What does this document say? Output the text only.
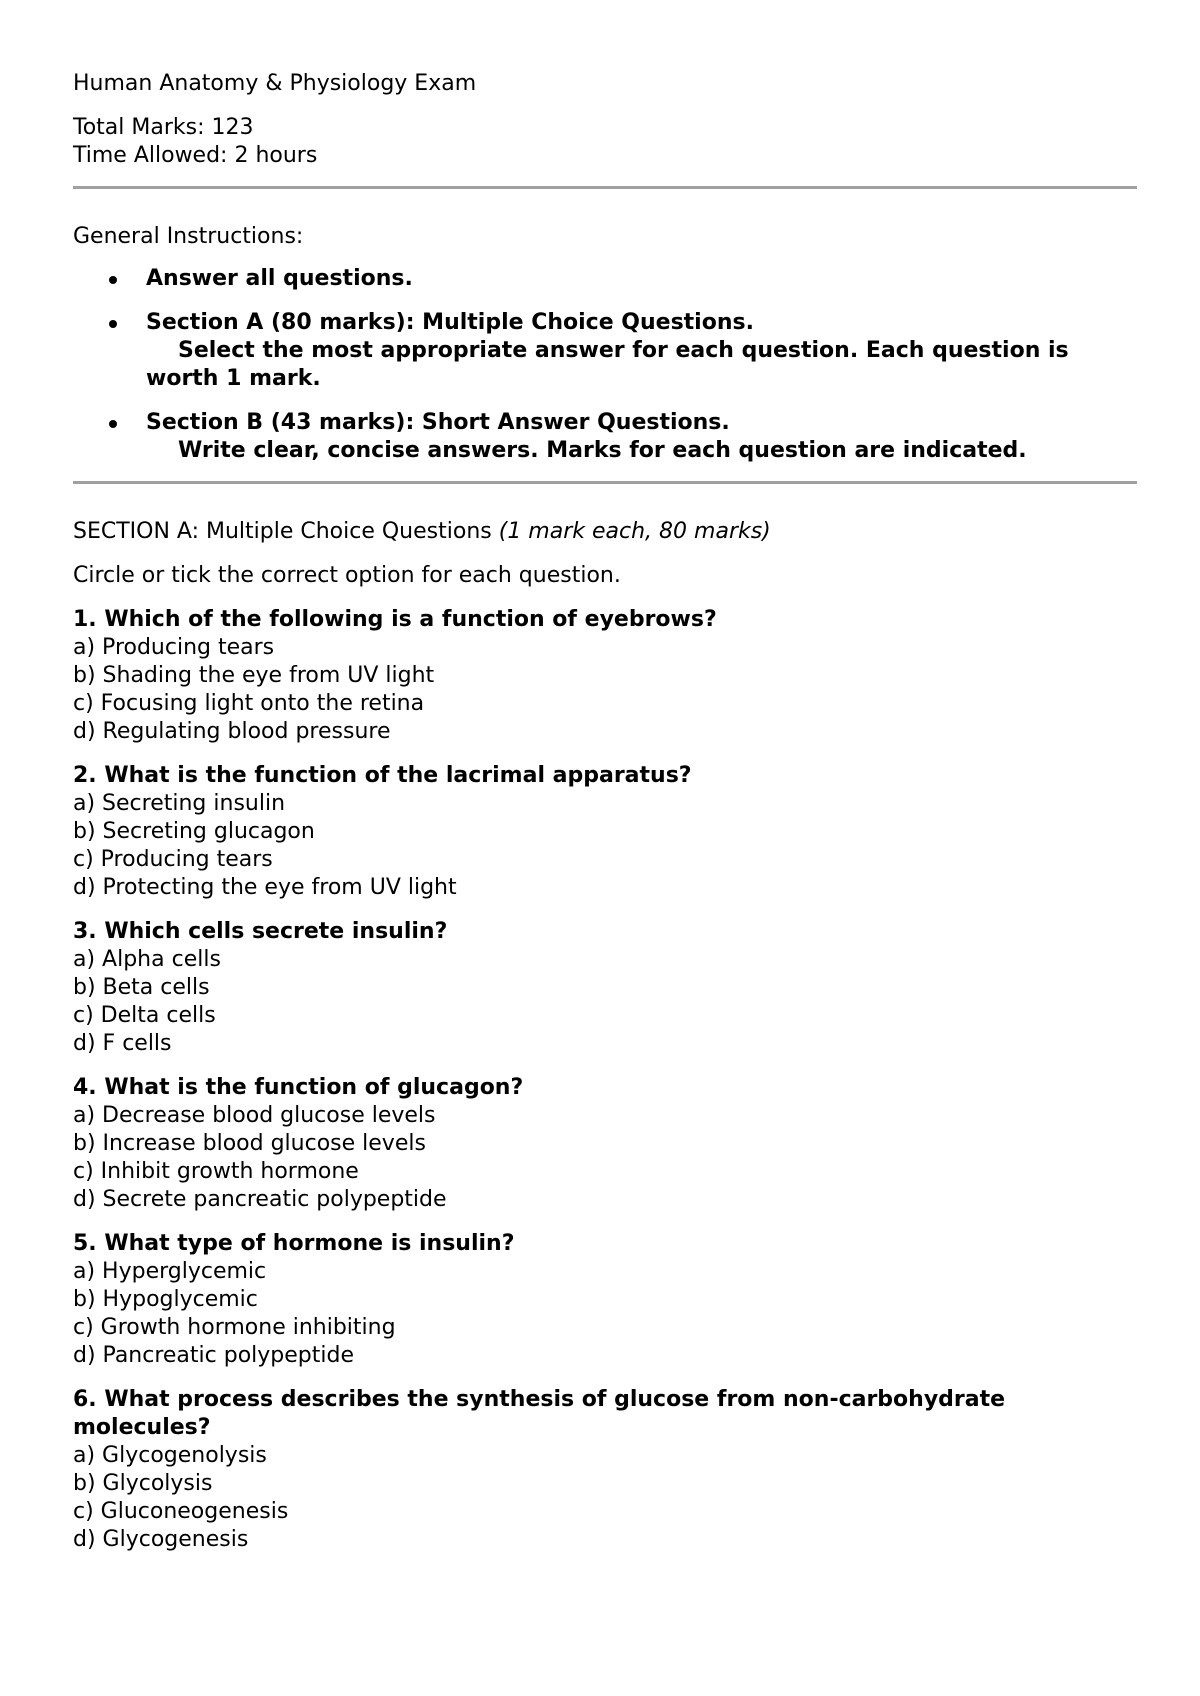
Human Anatomy & Physiology Exam
Total Marks: 123
Time Allowed: 2 hours
General Instructions:
Answer all questions.
Section A (80 marks): Multiple Choice Questions.
Select the most appropriate answer for each question. Each question is worth 1 mark.
Section B (43 marks): Short Answer Questions.
Write clear, concise answers. Marks for each question are indicated.
SECTION A: Multiple Choice Questions (1 mark each, 80 marks)
Circle or tick the correct option for each question.
1. Which of the following is a function of eyebrows?
a) Producing tears
b) Shading the eye from UV light
c) Focusing light onto the retina
d) Regulating blood pressure
2. What is the function of the lacrimal apparatus?
a) Secreting insulin
b) Secreting glucagon
c) Producing tears
d) Protecting the eye from UV light
3. Which cells secrete insulin?
a) Alpha cells
b) Beta cells
c) Delta cells
d) F cells
4. What is the function of glucagon?
a) Decrease blood glucose levels
b) Increase blood glucose levels
c) Inhibit growth hormone
d) Secrete pancreatic polypeptide
5. What type of hormone is insulin?
a) Hyperglycemic
b) Hypoglycemic
c) Growth hormone inhibiting
d) Pancreatic polypeptide
6. What process describes the synthesis of glucose from non-carbohydrate molecules?
a) Glycogenolysis
b) Glycolysis
c) Gluconeogenesis
d) Glycogenesis
